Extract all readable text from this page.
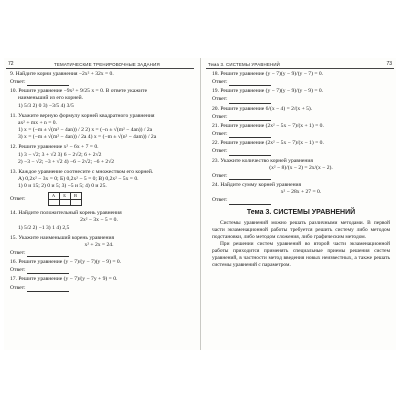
72	ТЕМАТИЧЕСКИЕ ТРЕНИРОВОЧНЫЕ ЗАДАНИЯ
9. Найдите корни уравнения −2x² + 32x = 0.
Ответ:
10. Решите уравнение −9x² + 9/25 x = 0. В ответе укажите
наименьший из его корней.
1) 5/3 2) 0 3) −3/5 4) 3/5
11. Укажите верную формулу корней квадратного уравнения
ax² + mx + n = 0.
1) x = (−m ± √(m² − 4an)) / 2 2) x = (−n ± √(m² − 4an)) / 2a
3) x = (−m ± √(m² − 4an)) / 2a 4) x = (−m ± √(n² − 4am)) / 2a
12. Решите уравнение x² − 6x + 7 = 0.
1) 3 − √2; 3 + √2 3) 6 − 2√2; 6 + 2√2
2) −3 − √2; −3 + √2 4) −6 − 2√2; −6 + 2√2
13. Каждое уравнение соотнесите с множеством его корней.
А) 0,2x² − 3x = 0; Б) 0,2x² − 5 = 0; В) 0,2x² − 5x = 0.
1) 0 и 15; 2) 0 и 5; 3) −5 и 5; 4) 0 и 25.
Ответ:
А	Б	В

14. Найдите положительный корень уравнения
2x² − 3x − 5 = 0.
1) 5/2 2) −1 3) 1 4) 2,5
15. Укажите наименьший корень уравнения
x² + 2x = 24.
Ответ:
16. Решите уравнение (y − 7)/(y − 7)(y − 9) = 0.
Ответ:
17. Решите уравнение (y − 7)/(y − 7y + 9) = 0.
Ответ:
Тема 3. СИСТЕМЫ УРАВНЕНИЙ	73
18. Решите уравнение (y − 7)(y − 9)/(y − 7) = 0.
Ответ:
19. Решите уравнение (y − 7)(y − 9)/(y − 9) = 0.
Ответ:
20. Решите уравнение 6/(x − 4) = 2/(x + 5).
Ответ:
21. Решите уравнение (2x² − 5x − 7)/(x + 1) = 0.
Ответ:
22. Решите уравнение (2x² − 5x − 7)/(x − 1) = 0.
Ответ:
23. Укажите количество корней уравнения
(x² − 8)/(x − 2) = 2x/(x − 2).
Ответ:
24. Найдите сумму корней уравнения
x² − 28x + 27 = 0.
Ответ:
Тема 3. СИСТЕМЫ УРАВНЕНИЙ
Системы уравнений можно решать различными методами. В первой части экзаменационной работы требуется решить систему либо методом подстановки, либо методом сложения, либо графическим методом.
При решении систем уравнений во второй части экзаменационной работы приходится применять специальные приемы решения систем уравнений, в частности метод введения новых неизвестных, а также решать системы уравнений с параметром.
